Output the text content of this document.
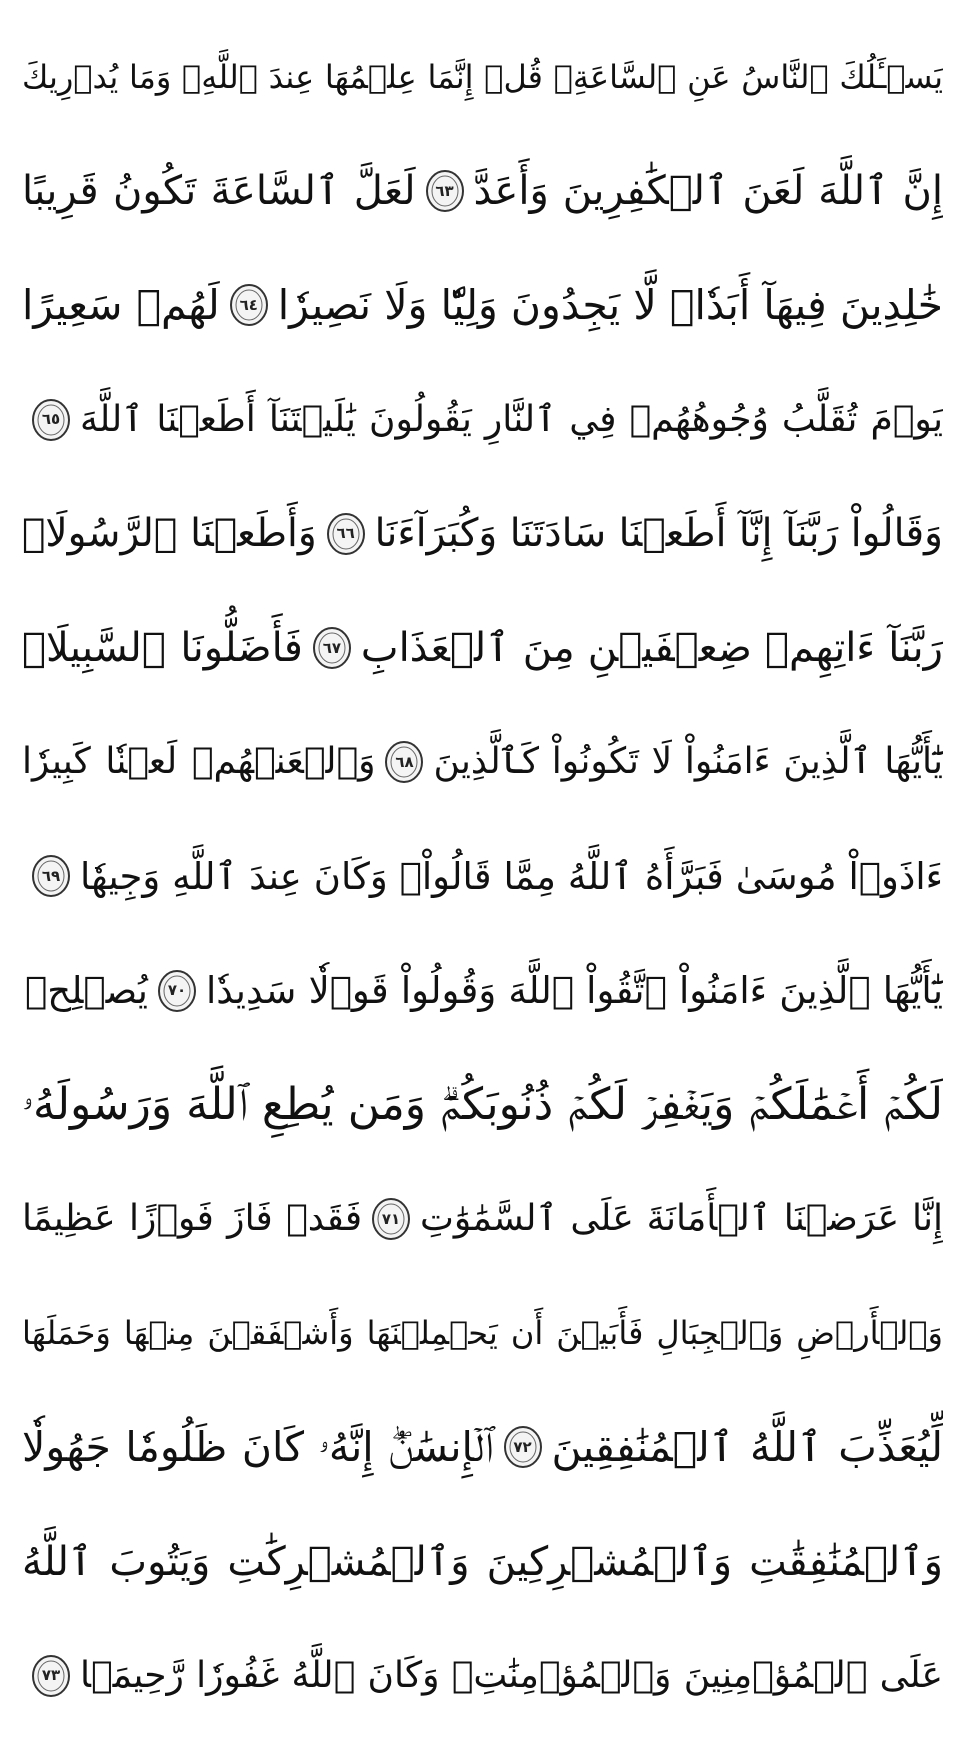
يَسۡـَٔلُكَ ٱلنَّاسُ عَنِ ٱلسَّاعَةِۖ قُلۡ إِنَّمَا عِلۡمُهَا عِندَ ٱللَّهِۚ وَمَا يُدۡرِيكَ
إِنَّ ٱللَّهَ لَعَنَ ٱلۡكَٰفِرِينَ وَأَعَدَّ
٦٣
لَعَلَّ ٱلسَّاعَةَ تَكُونُ قَرِيبًا
خَٰلِدِينَ فِيهَآ أَبَدٗاۖ لَّا يَجِدُونَ وَلِيّٗا وَلَا نَصِيرٗا
٦٤
لَهُمۡ سَعِيرًا
يَوۡمَ تُقَلَّبُ وُجُوهُهُمۡ فِي ٱلنَّارِ يَقُولُونَ يَٰلَيۡتَنَآ أَطَعۡنَا ٱللَّهَ
٦٥
وَقَالُواْ رَبَّنَآ إِنَّآ أَطَعۡنَا سَادَتَنَا وَكُبَرَآءَنَا
٦٦
وَأَطَعۡنَا ٱلرَّسُولَا۠
رَبَّنَآ ءَاتِهِمۡ ضِعۡفَيۡنِ مِنَ ٱلۡعَذَابِ
٦٧
فَأَضَلُّونَا ٱلسَّبِيلَا۠
يَٰٓأَيُّهَا ٱلَّذِينَ ءَامَنُواْ لَا تَكُونُواْ كَٱلَّذِينَ
٦٨
وَٱلۡعَنۡهُمۡ لَعۡنٗا كَبِيرٗا
ءَاذَوۡاْ مُوسَىٰ فَبَرَّأَهُ ٱللَّهُ مِمَّا قَالُواْۚ وَكَانَ عِندَ ٱللَّهِ وَجِيهٗا
٦٩
يَٰٓأَيُّهَا ٱلَّذِينَ ءَامَنُواْ ٱتَّقُواْ ٱللَّهَ وَقُولُواْ قَوۡلٗا سَدِيدٗا
٧٠
يُصۡلِحۡ
لَكُمۡ أَعۡمَٰلَكُمۡ وَيَغۡفِرۡ لَكُمۡ ذُنُوبَكُمۡۗ وَمَن يُطِعِ ٱللَّهَ وَرَسُولَهُۥ
إِنَّا عَرَضۡنَا ٱلۡأَمَانَةَ عَلَى ٱلسَّمَٰوَٰتِ
٧١
فَقَدۡ فَازَ فَوۡزًا عَظِيمًا
وَٱلۡأَرۡضِ وَٱلۡجِبَالِ فَأَبَيۡنَ أَن يَحۡمِلۡنَهَا وَأَشۡفَقۡنَ مِنۡهَا وَحَمَلَهَا
لِّيُعَذِّبَ ٱللَّهُ ٱلۡمُنَٰفِقِينَ
٧٢
ٱلۡإِنسَٰنُۖ إِنَّهُۥ كَانَ ظَلُومٗا جَهُولٗا
وَٱلۡمُنَٰفِقَٰتِ وَٱلۡمُشۡرِكِينَ وَٱلۡمُشۡرِكَٰتِ وَيَتُوبَ ٱللَّهُ
عَلَى ٱلۡمُؤۡمِنِينَ وَٱلۡمُؤۡمِنَٰتِۗ وَكَانَ ٱللَّهُ غَفُورٗا رَّحِيمَۢا
٧٣
